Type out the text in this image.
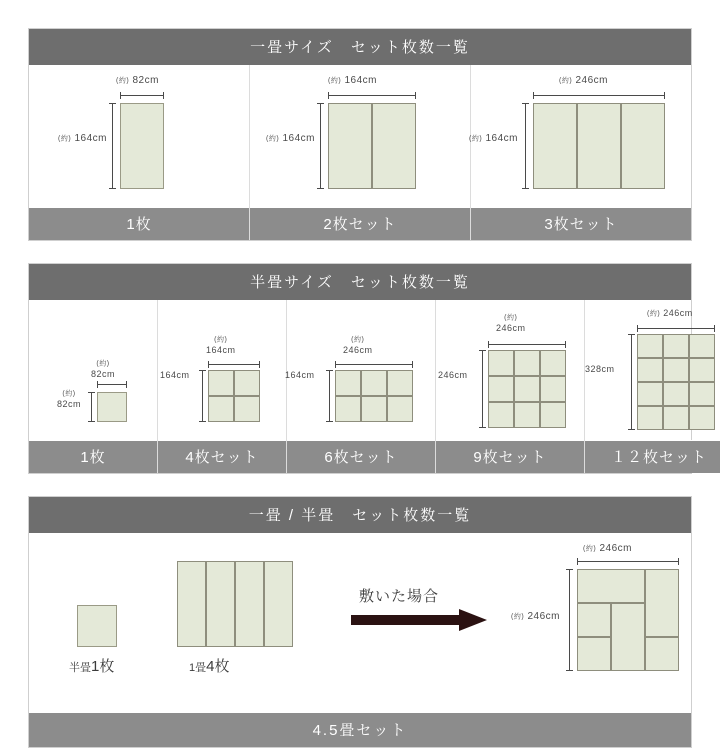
一畳サイズ　セット枚数一覧
(約) 82cm
(約) 164cm
1枚
(約) 164cm
(約) 164cm
2枚セット
(約) 246cm
(約) 164cm
3枚セット
半畳サイズ　セット枚数一覧
(約)
82cm
(約)
82cm
1枚
(約)
164cm
164cm
4枚セット
(約)
246cm
164cm
6枚セット
(約)
246cm
246cm
9枚セット
(約) 246cm
328cm
１２枚セット
一畳 / 半畳　セット枚数一覧
半畳1枚	1畳4枚
敷いた場合
(約) 246cm
(約) 246cm
4.5畳セット
